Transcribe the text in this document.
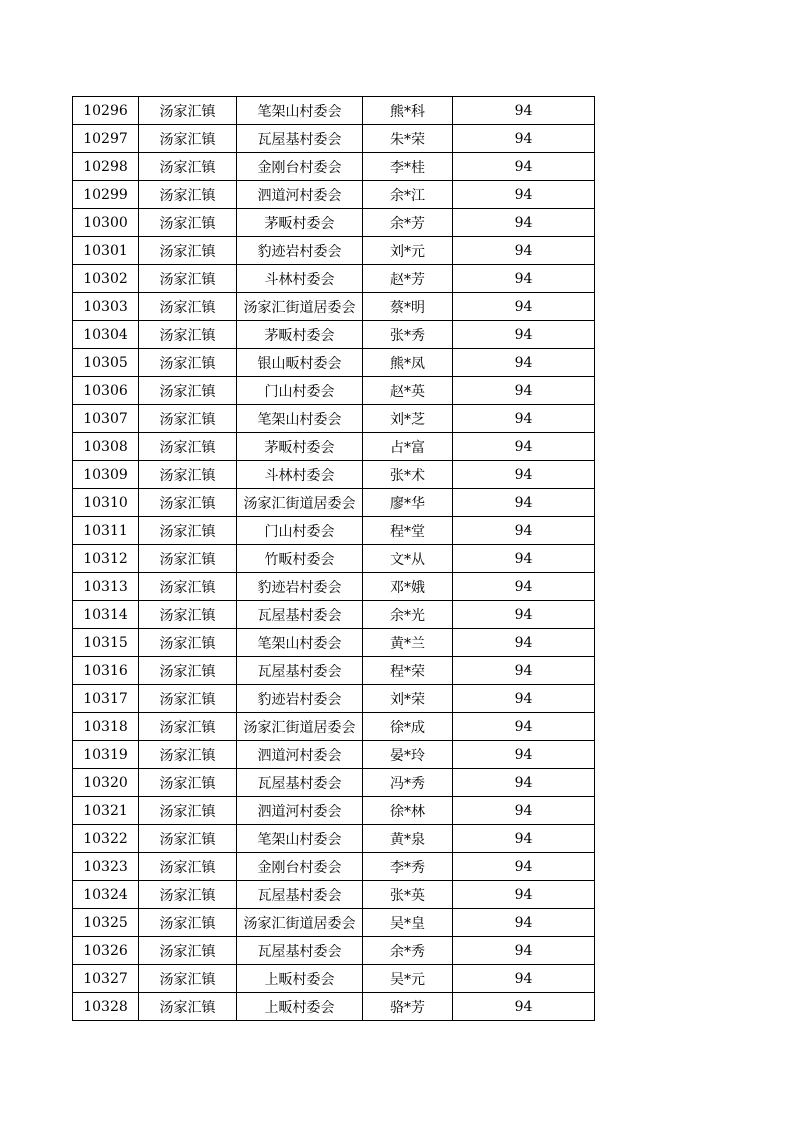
10296	汤家汇镇	笔架山村委会	熊*科	94
10297	汤家汇镇	瓦屋基村委会	朱*荣	94
10298	汤家汇镇	金刚台村委会	李*桂	94
10299	汤家汇镇	泗道河村委会	余*江	94
10300	汤家汇镇	茅畈村委会	余*芳	94
10301	汤家汇镇	豹迹岩村委会	刘*元	94
10302	汤家汇镇	斗林村委会	赵*芳	94
10303	汤家汇镇	汤家汇街道居委会	蔡*明	94
10304	汤家汇镇	茅畈村委会	张*秀	94
10305	汤家汇镇	银山畈村委会	熊*凤	94
10306	汤家汇镇	门山村委会	赵*英	94
10307	汤家汇镇	笔架山村委会	刘*芝	94
10308	汤家汇镇	茅畈村委会	占*富	94
10309	汤家汇镇	斗林村委会	张*术	94
10310	汤家汇镇	汤家汇街道居委会	廖*华	94
10311	汤家汇镇	门山村委会	程*堂	94
10312	汤家汇镇	竹畈村委会	文*从	94
10313	汤家汇镇	豹迹岩村委会	邓*娥	94
10314	汤家汇镇	瓦屋基村委会	余*光	94
10315	汤家汇镇	笔架山村委会	黄*兰	94
10316	汤家汇镇	瓦屋基村委会	程*荣	94
10317	汤家汇镇	豹迹岩村委会	刘*荣	94
10318	汤家汇镇	汤家汇街道居委会	徐*成	94
10319	汤家汇镇	泗道河村委会	晏*玲	94
10320	汤家汇镇	瓦屋基村委会	冯*秀	94
10321	汤家汇镇	泗道河村委会	徐*林	94
10322	汤家汇镇	笔架山村委会	黄*泉	94
10323	汤家汇镇	金刚台村委会	李*秀	94
10324	汤家汇镇	瓦屋基村委会	张*英	94
10325	汤家汇镇	汤家汇街道居委会	吴*皇	94
10326	汤家汇镇	瓦屋基村委会	余*秀	94
10327	汤家汇镇	上畈村委会	吴*元	94
10328	汤家汇镇	上畈村委会	骆*芳	94
